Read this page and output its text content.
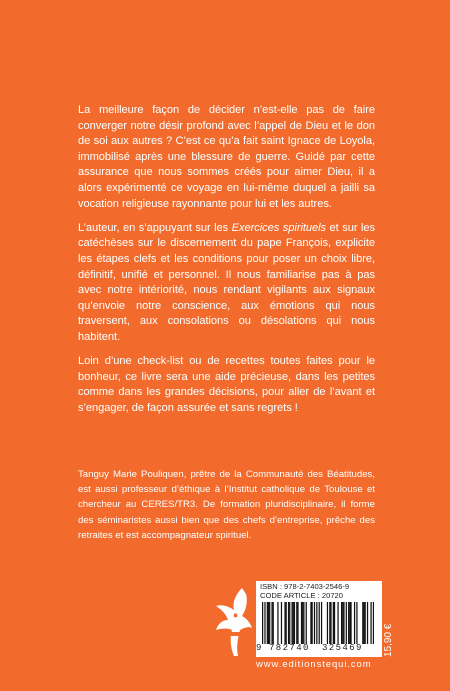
La meilleure façon de décider n’est-elle pas de faire converger notre désir profond avec l’appel de Dieu et le don de soi aux autres ? C’est ce qu’a fait saint Ignace de Loyola, immobilisé après une blessure de guerre. Guidé par cette assurance que nous sommes créés pour aimer Dieu, il a alors expérimenté ce voyage en lui-même duquel a jailli sa vocation religieuse rayonnante pour lui et les autres.

L’auteur, en s’appuyant sur les Exercices spirituels et sur les catéchèses sur le discernement du pape François, explicite les étapes clefs et les conditions pour poser un choix libre, définitif, unifié et personnel. Il nous familiarise pas à pas avec notre intériorité, nous rendant vigilants aux signaux qu’envoie notre conscience, aux émotions qui nous traversent, aux consolations ou désolations qui nous habitent.

Loin d’une check-list ou de recettes toutes faites pour le bonheur, ce livre sera une aide précieuse, dans les petites comme dans les grandes décisions, pour aller de l’avant et s’engager, de façon assurée et sans regrets !

Tanguy Marie Pouliquen, prêtre de la Communauté des Béatitudes, est aussi professeur d’éthique à l’Institut catholique de Toulouse et chercheur au CERES/TR3. De formation pluridisciplinaire, il forme des séminaristes aussi bien que des chefs d’entreprise, prêche des retraites et est accompagnateur spirituel.
ISBN : 978-2-7403-2546-9
CODE ARTICLE : 20720
9 782740 325469 15,90 €
www.editionstequi.com
